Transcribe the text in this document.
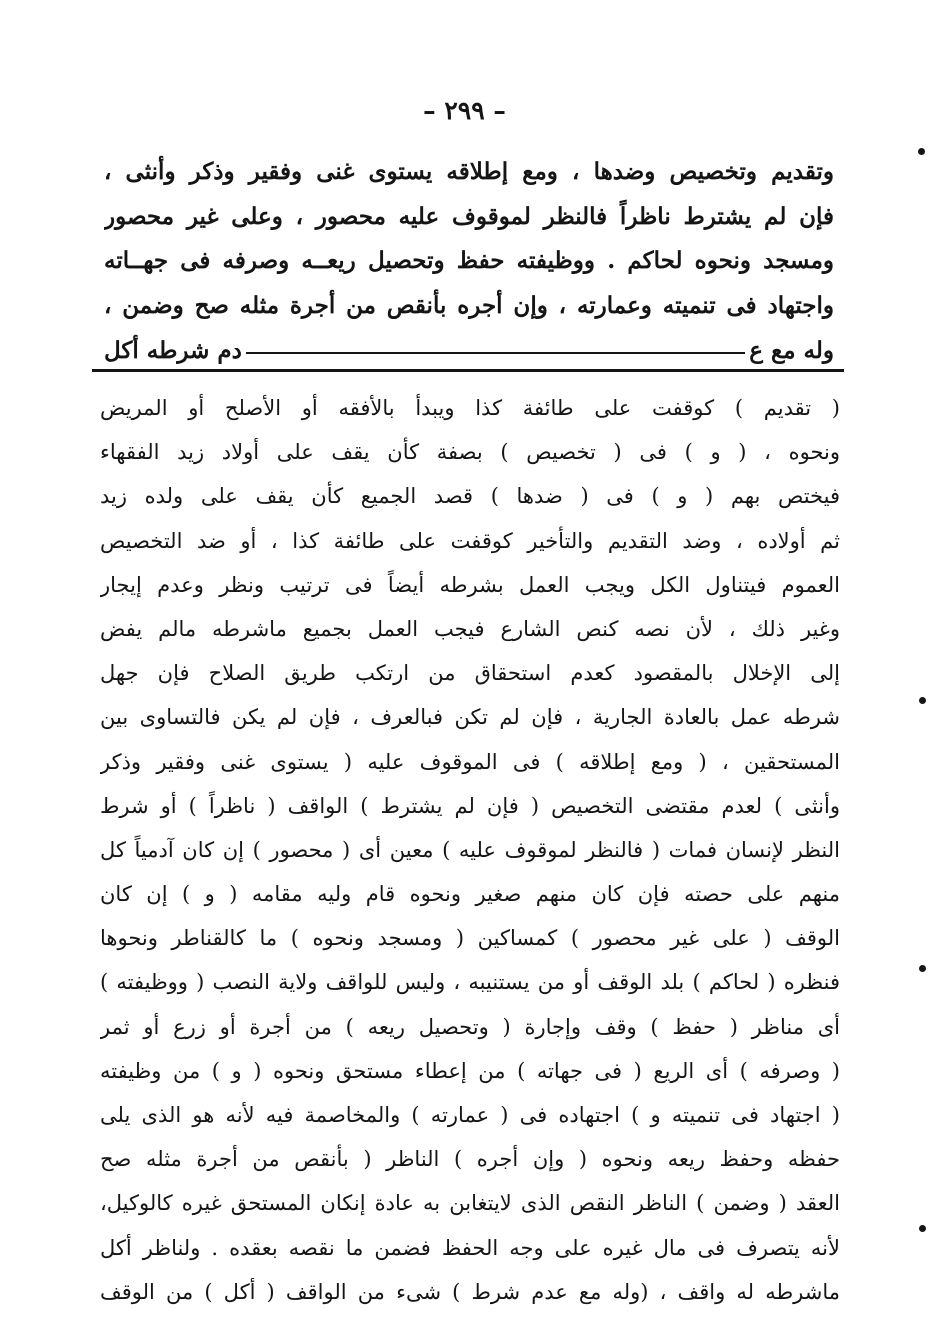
– ٢٩٩ –
وتقديم وتخصيص وضدها ، ومع إطلاقه يستوى غنى وفقير وذكر وأنثى ،
فإن لم يشترط ناظراً فالنظر لموقوف عليه محصور ، وعلى غير محصور
ومسجد ونحوه لحاكم . ووظيفته حفظ وتحصيل ريعــه وصرفه فى جهــاته
واجتهاد فى تنميته وعمارته ، وإن أجره بأنقص من أجرة مثله صح وضمن ،
وله مع ع
دم شرطه أكل
( تقديم ) كوقفت على طائفة كذا ويبدأ بالأفقه أو الأصلح أو المريض
ونحوه ، ( و ) فى ( تخصيص ) بصفة كأن يقف على أولاد زيد الفقهاء
فيختص بهم ( و ) فى ( ضدها ) قصد الجميع كأن يقف على ولده زيد
ثم أولاده ، وضد التقديم والتأخير كوقفت على طائفة كذا ، أو ضد التخصيص
العموم فيتناول الكل ويجب العمل بشرطه أيضاً فى ترتيب ونظر وعدم إيجار
وغير ذلك ، لأن نصه كنص الشارع فيجب العمل بجميع ماشرطه مالم يفض
إلى الإخلال بالمقصود كعدم استحقاق من ارتكب طريق الصلاح فإن جهل
شرطه عمل بالعادة الجارية ، فإن لم تكن فبالعرف ، فإن لم يكن فالتساوى بين
المستحقين ، ( ومع إطلاقه ) فى الموقوف عليه ( يستوى غنى وفقير وذكر
وأنثى ) لعدم مقتضى التخصيص ( فإن لم يشترط ) الواقف ( ناظراً ) أو شرط
النظر لإنسان فمات ( فالنظر لموقوف عليه ) معين أى ( محصور ) إن كان آدمياً كل
منهم على حصته فإن كان منهم صغير ونحوه قام وليه مقامه ( و ) إن كان
الوقف ( على غير محصور ) كمساكين ( ومسجد ونحوه ) ما كالقناطر ونحوها
فنظره ( لحاكم ) بلد الوقف أو من يستنيبه ، وليس للواقف ولاية النصب ( ووظيفته )
أى مناظر ( حفظ ) وقف وإجارة ( وتحصيل ريعه ) من أجرة أو زرع أو ثمر
( وصرفه ) أى الريع ( فى جهاته ) من إعطاء مستحق ونحوه ( و ) من وظيفته
( اجتهاد فى تنميته و ) اجتهاده فى ( عمارته ) والمخاصمة فيه لأنه هو الذى يلى
حفظه وحفظ ريعه ونحوه ( وإن أجره ) الناظر ( بأنقص من أجرة مثله صح
العقد ( وضمن ) الناظر النقص الذى لايتغابن به عادة إنكان المستحق غيره كالوكيل،
لأنه يتصرف فى مال غيره على وجه الحفظ فضمن ما نقصه بعقده . ولناظر أكل
ماشرطه له واقف ، (وله مع عدم شرط ) شىء من الواقف ( أكل ) من الوقف
